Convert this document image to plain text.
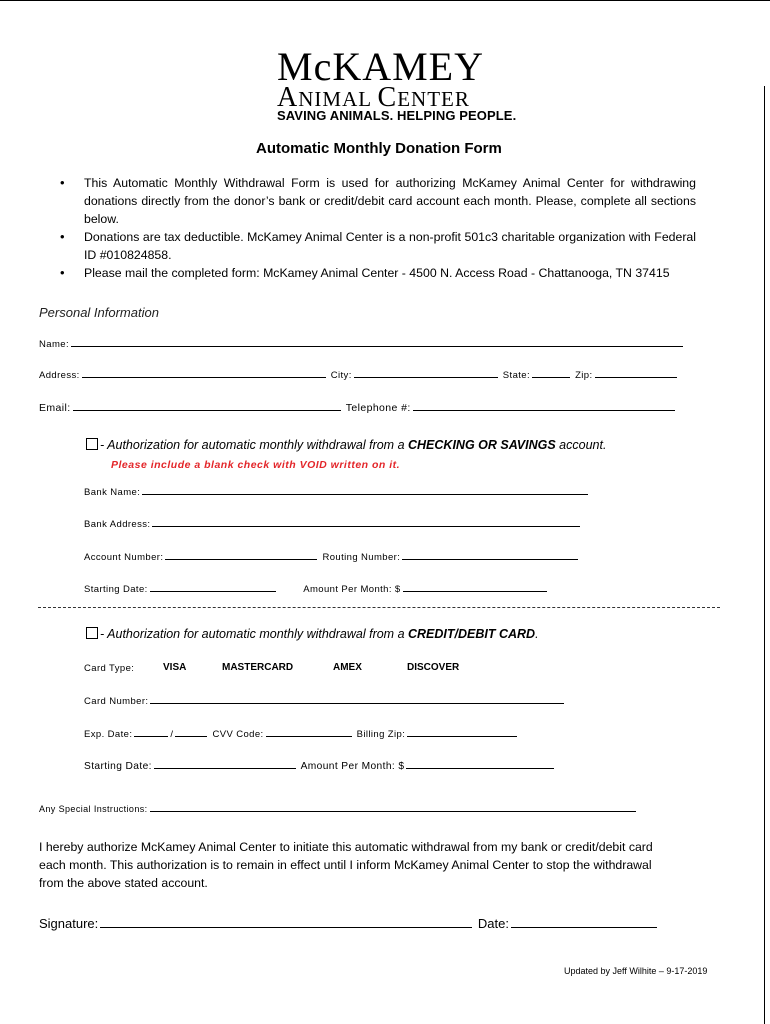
McKAMEY
ANIMAL CENTER
SAVING ANIMALS. HELPING PEOPLE.
Automatic Monthly Donation Form
• This Automatic Monthly Withdrawal Form is used for authorizing McKamey Animal Center for withdrawing donations directly from the donor’s bank or credit/debit card account each month. Please, complete all sections below.
• Donations are tax deductible. McKamey Animal Center is a non-profit 501c3 charitable organization with Federal ID #010824858.
• Please mail the completed form: McKamey Animal Center - 4500 N. Access Road - Chattanooga, TN 37415
Personal Information
Name:
Address:	City:	State:	Zip:
Email:	Telephone #:
- Authorization for automatic monthly withdrawal from a CHECKING OR SAVINGS account.
Please include a blank check with VOID written on it.
Bank Name:
Bank Address:
Account Number:	Routing Number:
Starting Date:	Amount Per Month: $
- Authorization for automatic monthly withdrawal from a CREDIT/DEBIT CARD.
Card Type:	VISA	MASTERCARD	AMEX	DISCOVER
Card Number:
Exp. Date:	/	CVV Code:	Billing Zip:
Starting Date:	Amount Per Month: $
Any Special Instructions:
I hereby authorize McKamey Animal Center to initiate this automatic withdrawal from my bank or credit/debit card each month. This authorization is to remain in effect until I inform McKamey Animal Center to stop the withdrawal from the above stated account.
Signature:	Date:
Updated by Jeff Wilhite – 9-17-2019
